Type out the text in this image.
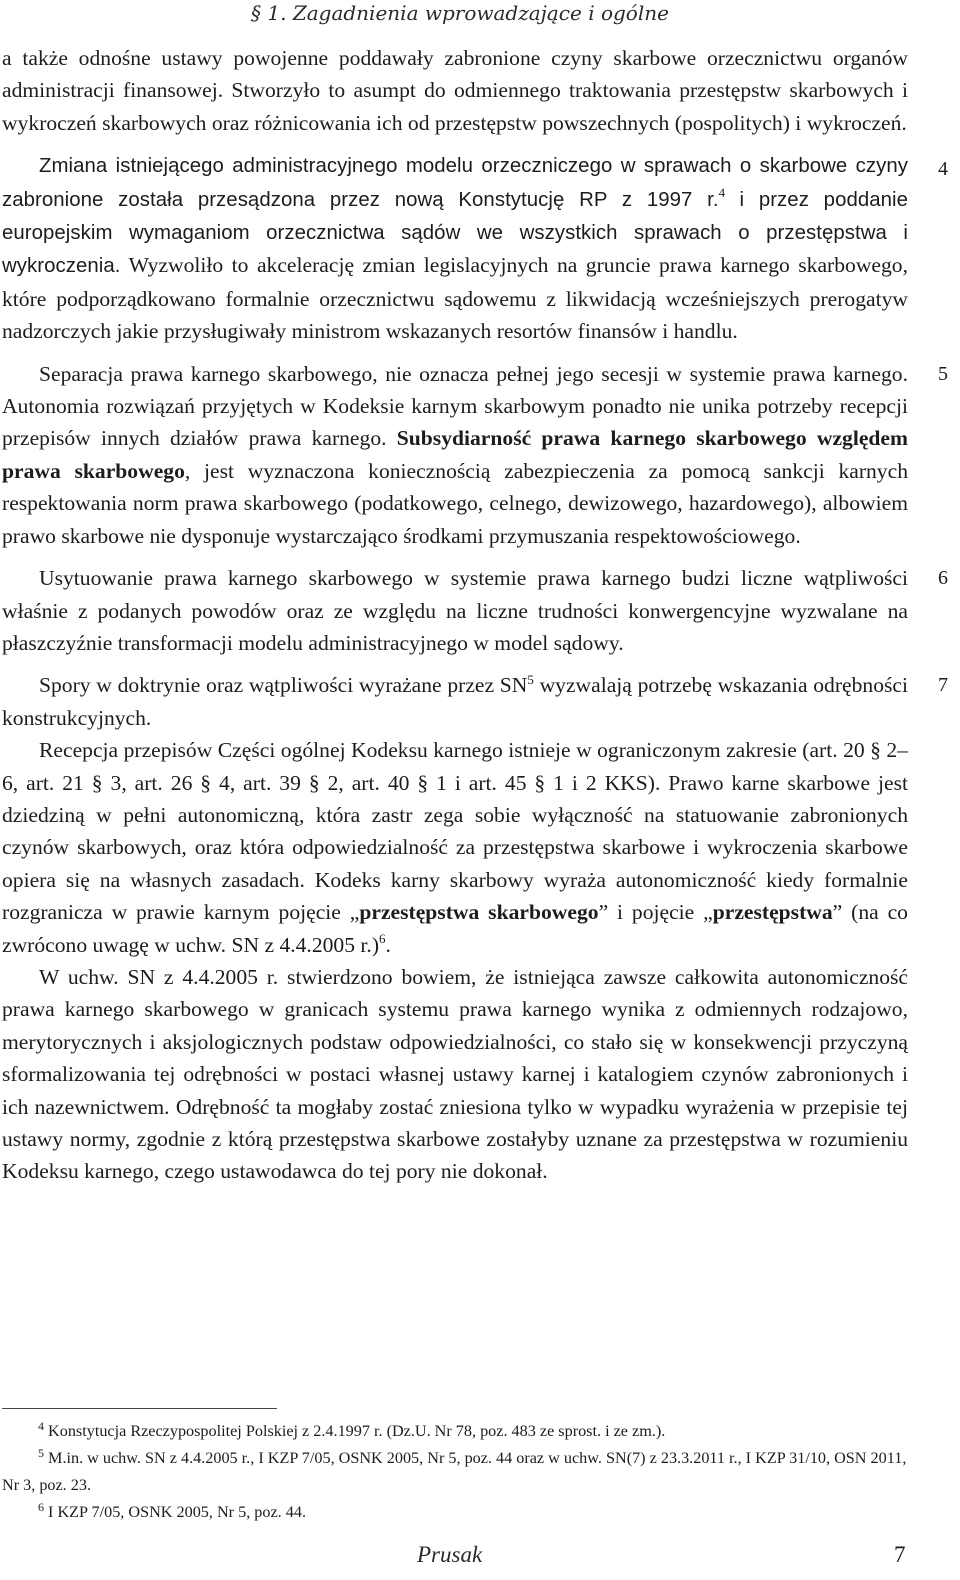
§ 1. Zagadnienia wprowadzające i ogólne

a także odnośne ustawy powojenne poddawały zabronione czyny skarbowe orzecznictwu organów administracji finansowej. Stworzyło to asumpt do odmiennego traktowania przestępstw skarbowych i wykroczeń skarbowych oraz różnicowania ich od przestępstw powszechnych (pospolitych) i wykroczeń.

4
Zmiana istniejącego administracyjnego modelu orzeczniczego w sprawach o skarbowe czyny zabronione została przesądzona przez nową Konstytucję RP z 1997 r.$^4$ i przez poddanie europejskim wymaganiom orzecznictwa sądów we wszystkich sprawach o przestępstwa i wykroczenia. Wyzwoliło to akcelerację zmian legislacyjnych na gruncie prawa karnego skarbowego, które podporządkowano formalnie orzecznictwu sądowemu z likwidacją wcześniejszych prerogatyw nadzorczych jakie przysługiwały ministrom wskazanych resortów finansów i handlu.

5
Separacja prawa karnego skarbowego, nie oznacza pełnej jego secesji w systemie prawa karnego. Autonomia rozwiązań przyjętych w Kodeksie karnym skarbowym ponadto nie unika potrzeby recepcji przepisów innych działów prawa karnego. Subsydiarność prawa karnego skarbowego względem prawa skarbowego, jest wyznaczona koniecznością zabezpieczenia za pomocą sankcji karnych respektowania norm prawa skarbowego (podatkowego, celnego, dewizowego, hazardowego), albowiem prawo skarbowe nie dysponuje wystarczająco środkami przymuszania respektowościowego.

6
Usytuowanie prawa karnego skarbowego w systemie prawa karnego budzi liczne wątpliwości właśnie z podanych powodów oraz ze względu na liczne trudności konwergencyjne wyzwalane na płaszczyźnie transformacji modelu administracyjnego w model sądowy.

7
Spory w doktrynie oraz wątpliwości wyrażane przez $SN^5$ wyzwalają potrzebę wskazania odrębności konstrukcyjnych.

Recepcja przepisów Części ogólnej Kodeksu karnego istnieje w ograniczonym zakresie (art. 20 § 2–6, art. 21 § 3, art. 26 § 4, art. 39 § 2, art. 40 § 1 i art. 45 § 1 i 2 KKS). Prawo karne skarbowe jest dziedziną w pełni autonomiczną, która zastr zega sobie wyłączność na statuowanie zabronionych czynów skarbowych, oraz która odpowiedzialność za przestępstwa skarbowe i wykroczenia skarbowe opiera się na własnych zasadach. Kodeks karny skarbowy wyraża autonomiczność kiedy formalnie rozgranicza w prawie karnym pojęcie „przestępstwa skarbowego” i pojęcie „przestępstwa” (na co zwrócono uwagę w uchw. SN z 4.4.2005 r.)$^6$.

W uchw. SN z 4.4.2005 r. stwierdzono bowiem, że istniejąca zawsze całkowita autonomiczność prawa karnego skarbowego w granicach systemu prawa karnego wynika z odmiennych rodzajowo, merytorycznych i aksjologicznych podstaw odpowiedzialności, co stało się w konsekwencji przyczyną sformalizowania tej odrębności w postaci własnej ustawy karnej i katalogiem czynów zabronionych i ich nazewnictwem. Odrębność ta mogłaby zostać zniesiona tylko w wypadku wyrażenia w przepisie tej ustawy normy, zgodnie z którą przestępstwa skarbowe zostałyby uznane za przestępstwa w rozumieniu Kodeksu karnego, czego ustawodawca do tej pory nie dokonał.

$^4$ Konstytucja Rzeczypospolitej Polskiej z 2.4.1997 r. (Dz.U. Nr 78, poz. 483 ze sprost. i ze zm.).

$^5$ M.in. w uchw. SN z 4.4.2005 r., I KZP 7/05, OSNK 2005, Nr 5, poz. 44 oraz w uchw. SN(7) z 23.3.2011 r., I KZP 31/10, OSN 2011, Nr 3, poz. 23.

$^6$ I KZP 7/05, OSNK 2005, Nr 5, poz. 44.

Prusak	7
